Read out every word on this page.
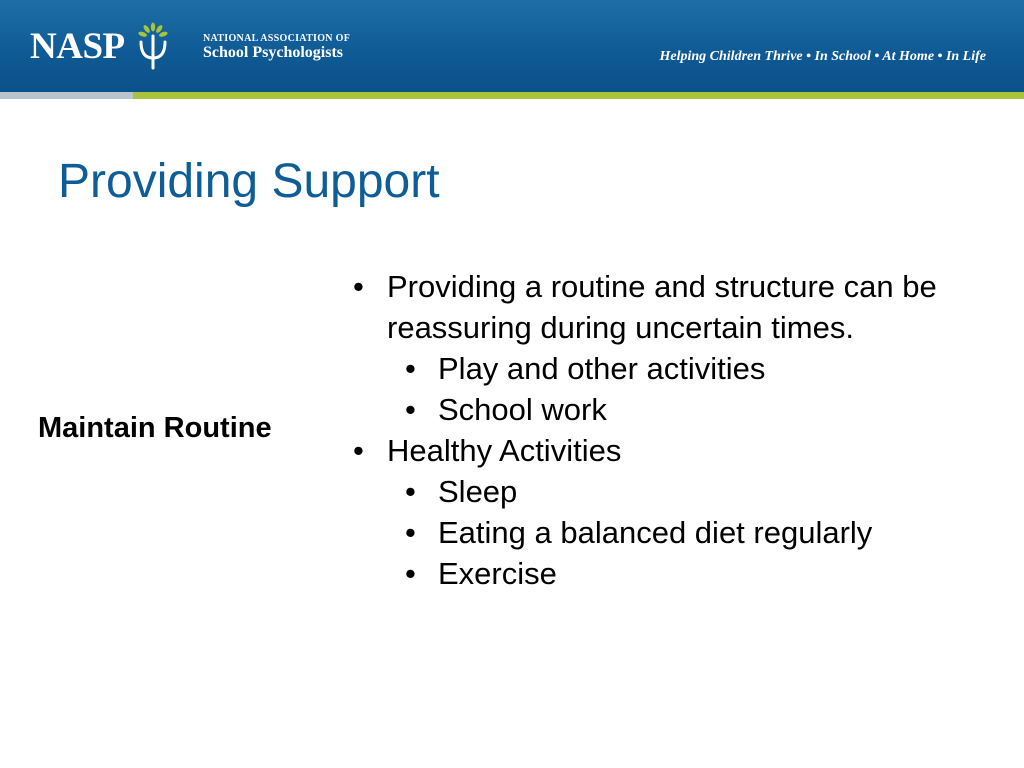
NASP	NATIONAL ASSOCIATION OF
School Psychologists	Helping Children Thrive • In School • At Home • In Life
Providing Support
Maintain Routine
• Providing a routine and structure can be reassuring during uncertain times.
• Play and other activities
• School work
• Healthy Activities
• Sleep
• Eating a balanced diet regularly
• Exercise
